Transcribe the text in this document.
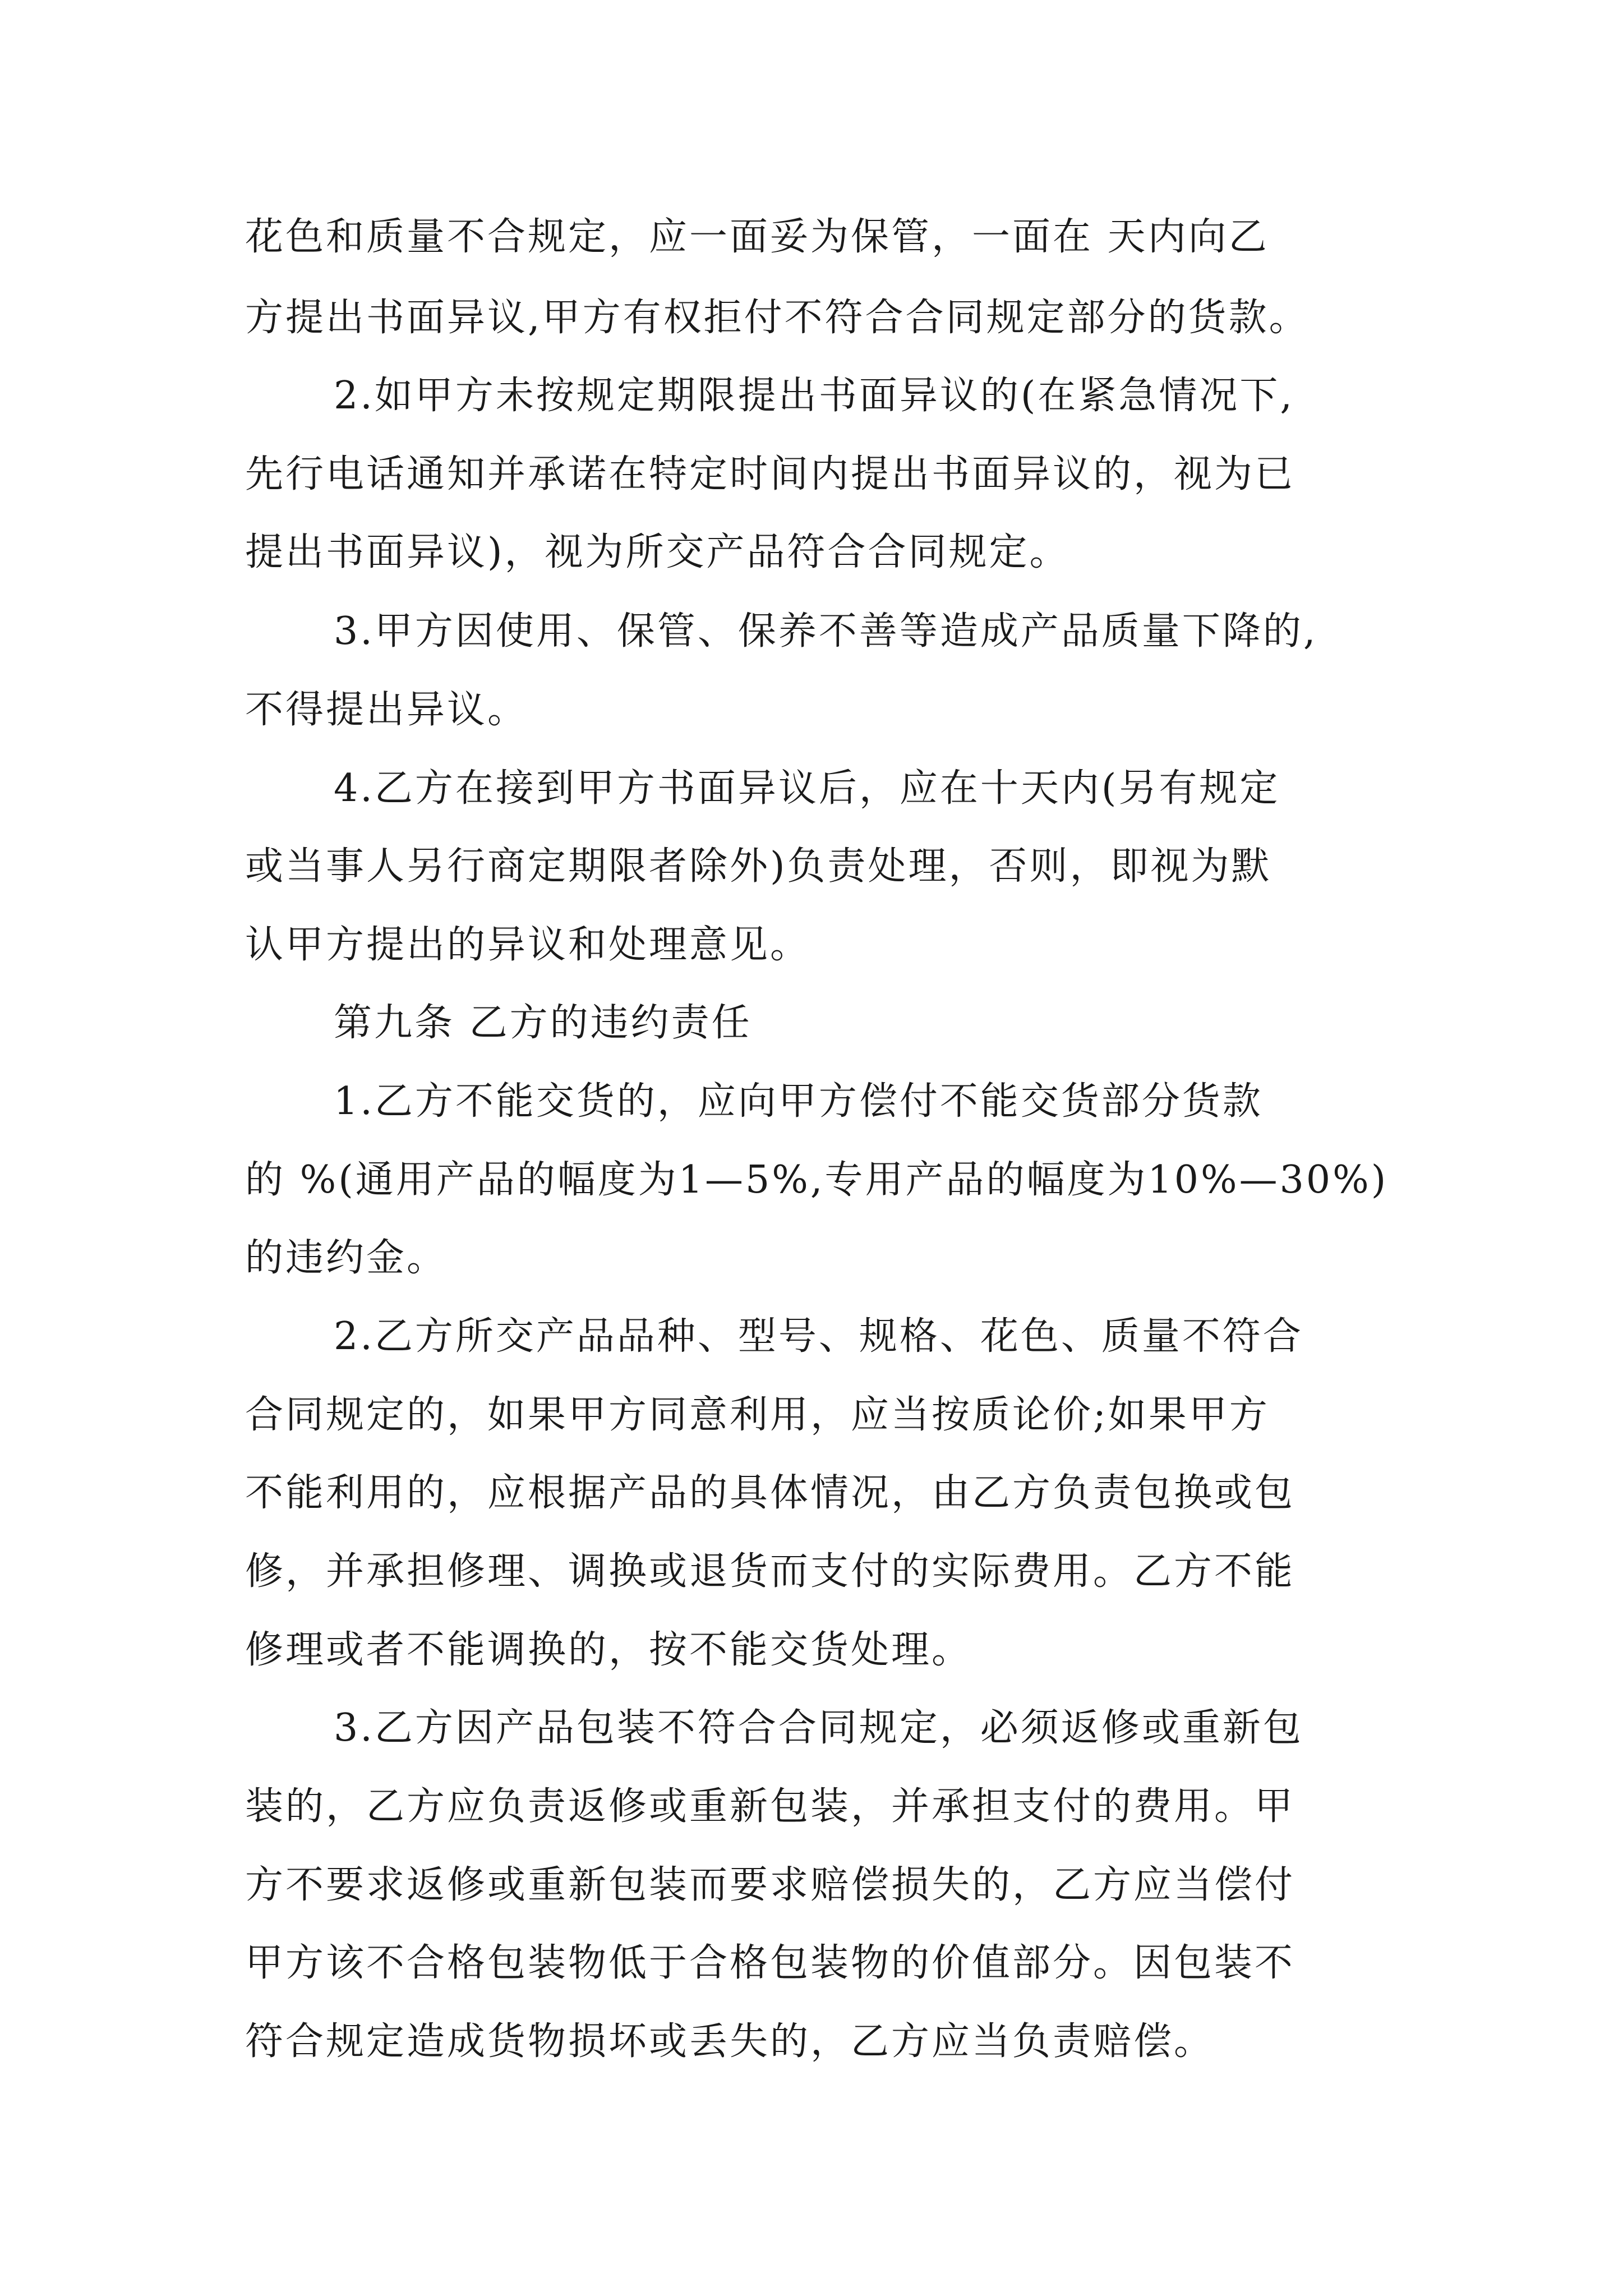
花色和质量不合规定，应一面妥为保管，一面在 天内向乙
方提出书面异议,甲方有权拒付不符合合同规定部分的货款。
2.如甲方未按规定期限提出书面异议的(在紧急情况下,
先行电话通知并承诺在特定时间内提出书面异议的，视为已
提出书面异议)，视为所交产品符合合同规定。
3.甲方因使用、保管、保养不善等造成产品质量下降的,
不得提出异议。
4.乙方在接到甲方书面异议后，应在十天内(另有规定
或当事人另行商定期限者除外)负责处理，否则，即视为默
认甲方提出的异议和处理意见。
第九条 乙方的违约责任
1.乙方不能交货的，应向甲方偿付不能交货部分货款
的 %(通用产品的幅度为1—5%,专用产品的幅度为10%—30%)
的违约金。
2.乙方所交产品品种、型号、规格、花色、质量不符合
合同规定的，如果甲方同意利用，应当按质论价;如果甲方
不能利用的，应根据产品的具体情况，由乙方负责包换或包
修，并承担修理、调换或退货而支付的实际费用。乙方不能
修理或者不能调换的，按不能交货处理。
3.乙方因产品包装不符合合同规定，必须返修或重新包
装的，乙方应负责返修或重新包装，并承担支付的费用。甲
方不要求返修或重新包装而要求赔偿损失的，乙方应当偿付
甲方该不合格包装物低于合格包装物的价值部分。因包装不
符合规定造成货物损坏或丢失的，乙方应当负责赔偿。
